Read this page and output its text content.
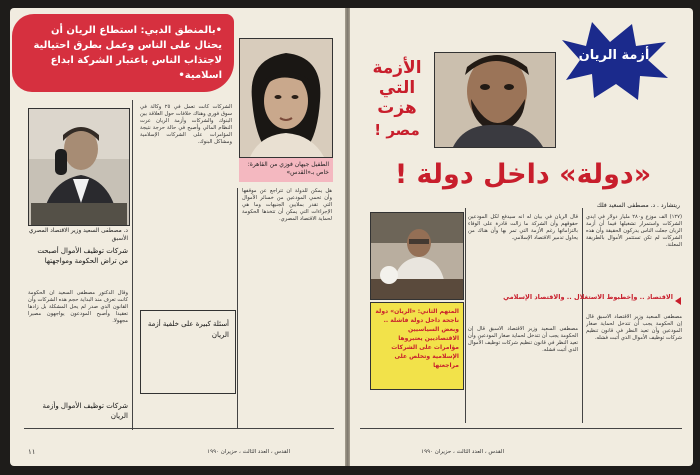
•بالمنطق الدبي: استطاع الريان أن يحتال على الناس وعمل بطرق احتيالية لاجتذاب الناس باعتبار الشركة ابداع اسلامية•
الطفيل جيهان فوزي من القاهرة: خاص بـ«القدس»
د. مصطفى السعيد وزير الاقتصاد المصري الأسبق
شركات توظيف الأموال أصبحت من تراض الحكومة ومواجهتها
الشركات كانت تعمل في ٢٥ وكالة في سوق فوري وهناك خلافات حول العلاقة بين البنوك والشركات وأزمة الريان عرت النظام المالي وأصبح في حالة حرجة نتيجة المؤامرات على الشركات الإسلامية ومشاكل البنوك.
هل يمكن للدولة أن تتراجع عن موقفها وأن تحمي المودعين من خسائر الأموال التي تقدر بملايين الجنيهات وما هي الإجراءات التي يمكن أن تتخذها الحكومة لحماية الاقتصاد المصري.
وقال الدكتور مصطفى السعيد ان الحكومة كانت تعرف منذ البداية حجم هذه الشركات وأن القانون الذي صدر لم يحل المشكلة بل زادها تعقيدا وأصبح المودعون يواجهون مصيرا مجهولا.	أسئلة كبيرة على خلفية أزمة الريان
شركات توظيف الأموال وأزمة الريان
١١	القدس ، العدد الثالث ، حزيران ١٩٩٠
أزمة الريان
الأزمة
التي
هزت
مصر !
«دولة» داخل دولة !
ريتشارد . د. مصطفى السعيد فلك
(١٢٧) الف موزع و٢٨٠ مليار دولار في أيدي الشركات واستمرار تشغيلها فيما أن أزمة الريان جعلت الناس يدركون الحقيقة وأن هذه الشركات لم تكن تستثمر الأموال بالطريقة المعلنة.
قال الريان في بيان له أنه سيدفع لكل المودعين حقوقهم وأن الشركة ما زالت قادرة على الوفاء بالتزاماتها رغم الأزمة التي تمر بها وأن هناك من يحاول تدمير الاقتصاد الإسلامي.
الاقتصاد .. وإخطبوط الاستغلال .. والاقتصاد الإسلامي
مصطفى السعيد وزير الاقتصاد الأسبق قال إن الحكومة يجب أن تتدخل لحماية صغار المودعين وأن تعيد النظر في قانون تنظيم شركات توظيف الأموال الذي أثبت فشله.
مصطفى السعيد وزير الاقتصاد الأسبق قال إن الحكومة يجب أن تتدخل لحماية صغار المودعين وأن تعيد النظر في قانون تنظيم شركات توظيف الأموال الذي أثبت فشله.
المتهم الثاني: «الريان» دولة ناجحة داخل دولة فاشلة .. وبعض السياسيين الاقتصاديين يعتبروها مؤامرات على الشركات الإسلامية وتخلص على مراجعتها
القدس ، العدد الثالث ، حزيران ١٩٩٠
